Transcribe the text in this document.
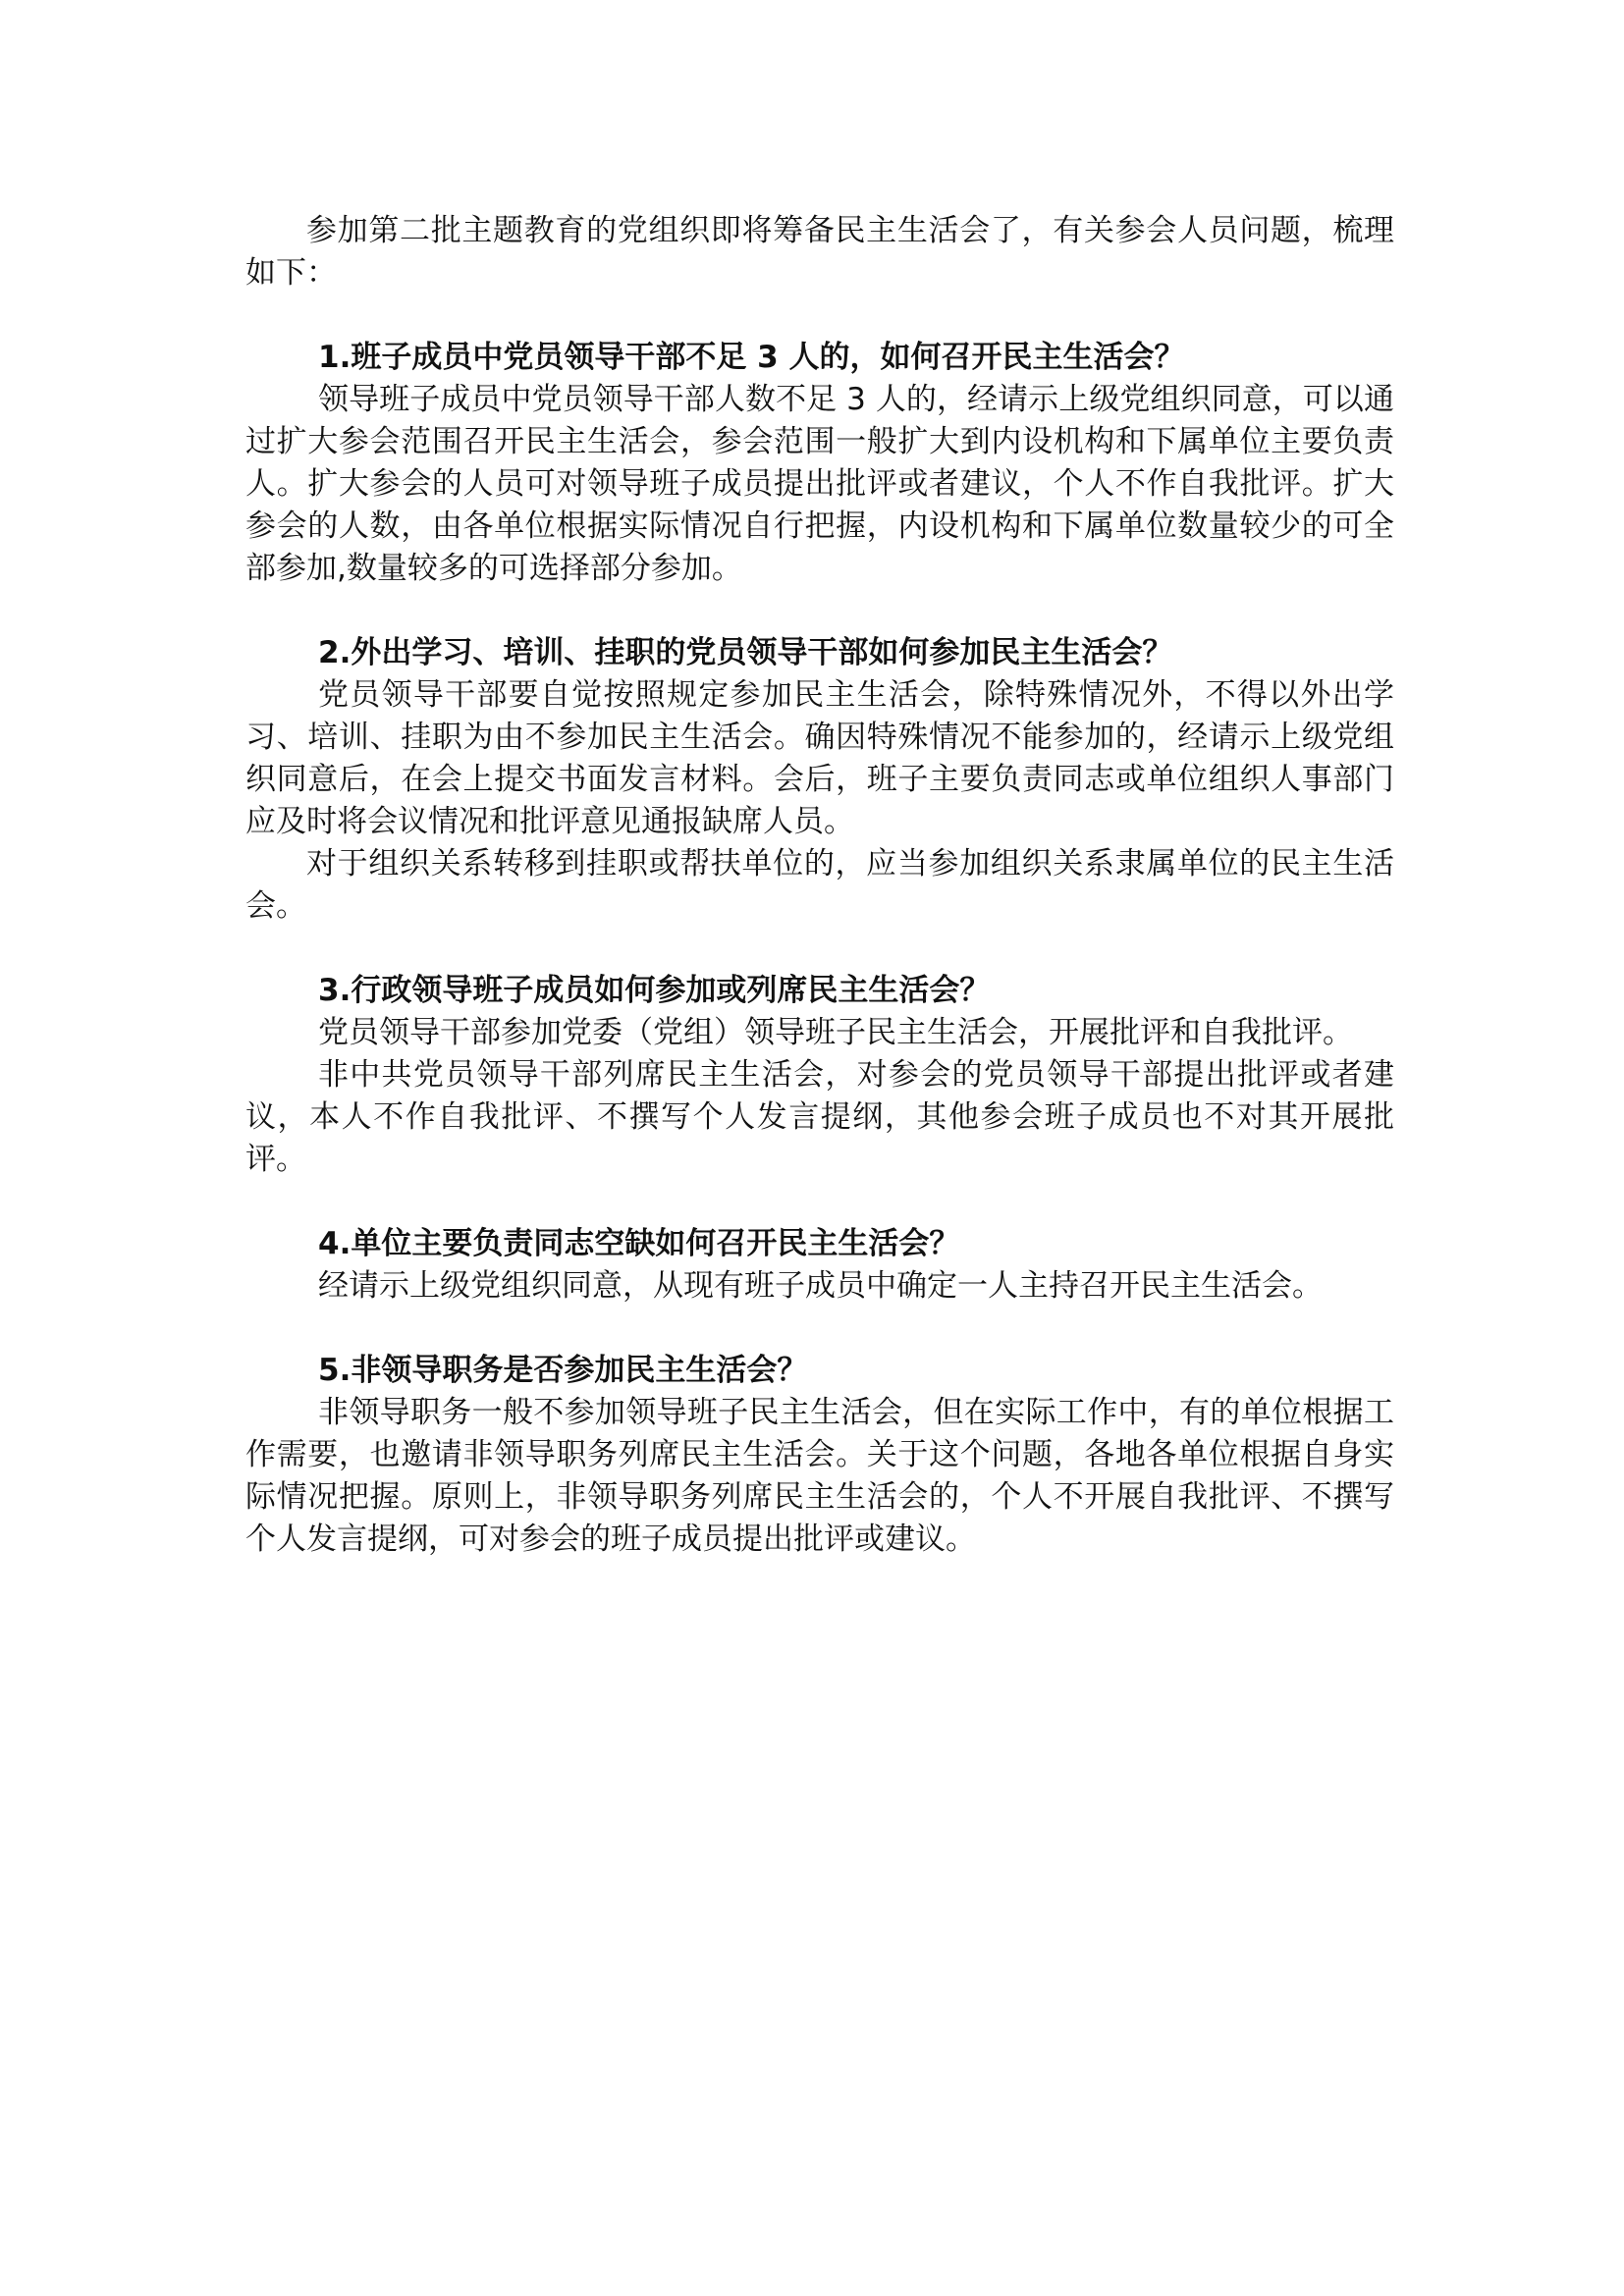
参加第二批主题教育的党组织即将筹备民主生活会了，有关参会人员问题，梳理如下：

1.班子成员中党员领导干部不足 3 人的，如何召开民主生活会？

领导班子成员中党员领导干部人数不足 3 人的，经请示上级党组织同意，可以通过扩大参会范围召开民主生活会，参会范围一般扩大到内设机构和下属单位主要负责人。扩大参会的人员可对领导班子成员提出批评或者建议，个人不作自我批评。扩大参会的人数，由各单位根据实际情况自行把握，内设机构和下属单位数量较少的可全部参加,数量较多的可选择部分参加。

2.外出学习、培训、挂职的党员领导干部如何参加民主生活会？

党员领导干部要自觉按照规定参加民主生活会，除特殊情况外，不得以外出学习、培训、挂职为由不参加民主生活会。确因特殊情况不能参加的，经请示上级党组织同意后，在会上提交书面发言材料。会后，班子主要负责同志或单位组织人事部门应及时将会议情况和批评意见通报缺席人员。

对于组织关系转移到挂职或帮扶单位的，应当参加组织关系隶属单位的民主生活会。

3.行政领导班子成员如何参加或列席民主生活会？

党员领导干部参加党委（党组）领导班子民主生活会，开展批评和自我批评。

非中共党员领导干部列席民主生活会，对参会的党员领导干部提出批评或者建议，本人不作自我批评、不撰写个人发言提纲，其他参会班子成员也不对其开展批评。

4.单位主要负责同志空缺如何召开民主生活会？

经请示上级党组织同意，从现有班子成员中确定一人主持召开民主生活会。

5.非领导职务是否参加民主生活会？

非领导职务一般不参加领导班子民主生活会，但在实际工作中，有的单位根据工作需要，也邀请非领导职务列席民主生活会。关于这个问题，各地各单位根据自身实际情况把握。原则上，非领导职务列席民主生活会的，个人不开展自我批评、不撰写个人发言提纲，可对参会的班子成员提出批评或建议。
